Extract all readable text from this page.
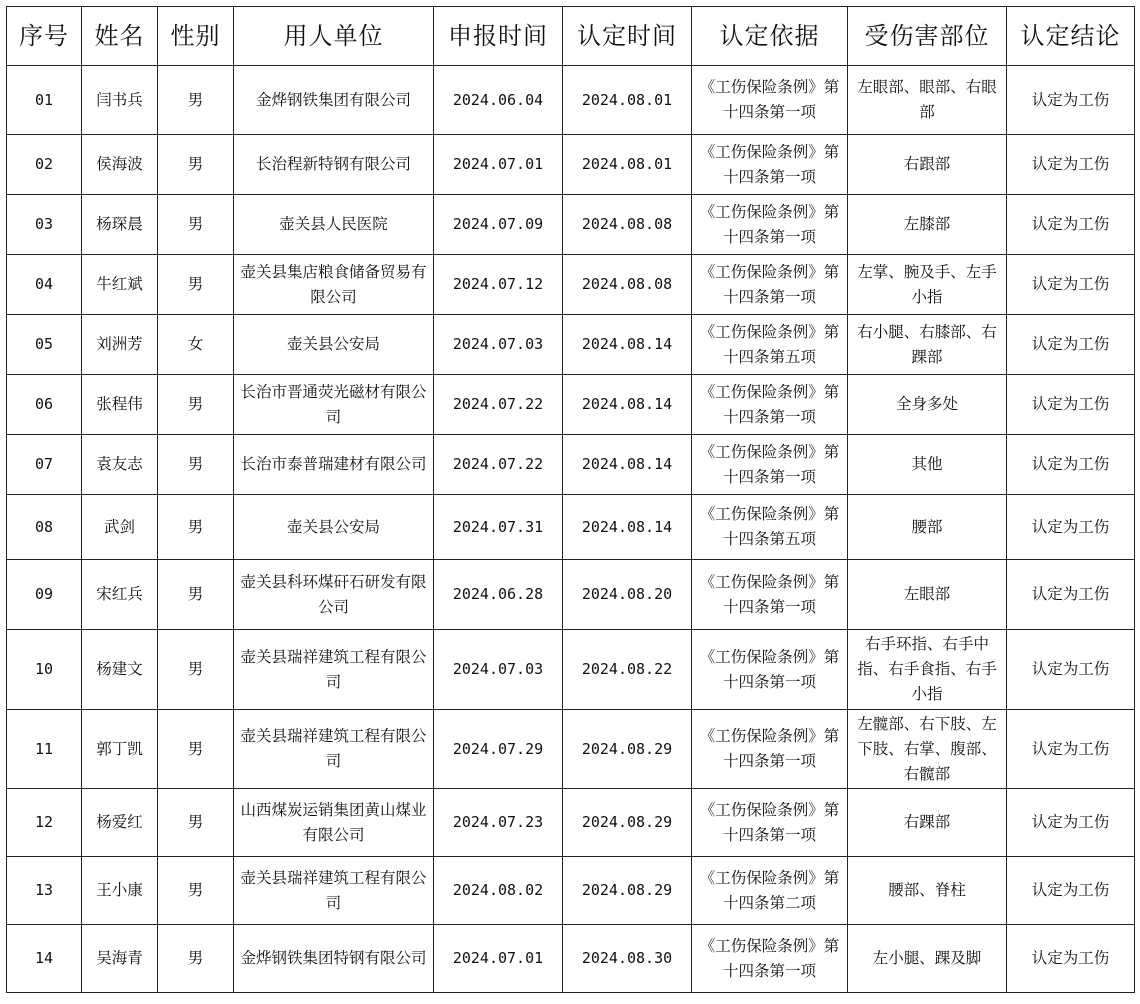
序号	姓名	性别	用人单位	申报时间	认定时间	认定依据	受伤害部位	认定结论
01	闫书兵	男	金烨钢铁集团有限公司	2024.06.04	2024.08.01	《工伤保险条例》第十四条第一项	左眼部、眼部、右眼部	认定为工伤
02	侯海波	男	长治程新特钢有限公司	2024.07.01	2024.08.01	《工伤保险条例》第十四条第一项	右跟部	认定为工伤
03	杨琛晨	男	壶关县人民医院	2024.07.09	2024.08.08	《工伤保险条例》第十四条第一项	左膝部	认定为工伤
04	牛红斌	男	壶关县集店粮食储备贸易有限公司	2024.07.12	2024.08.08	《工伤保险条例》第十四条第一项	左掌、腕及手、左手小指	认定为工伤
05	刘洲芳	女	壶关县公安局	2024.07.03	2024.08.14	《工伤保险条例》第十四条第五项	右小腿、右膝部、右踝部	认定为工伤
06	张程伟	男	长治市晋通荧光磁材有限公司	2024.07.22	2024.08.14	《工伤保险条例》第十四条第一项	全身多处	认定为工伤
07	袁友志	男	长治市泰普瑞建材有限公司	2024.07.22	2024.08.14	《工伤保险条例》第十四条第一项	其他	认定为工伤
08	武剑	男	壶关县公安局	2024.07.31	2024.08.14	《工伤保险条例》第十四条第五项	腰部	认定为工伤
09	宋红兵	男	壶关县科环煤矸石研发有限公司	2024.06.28	2024.08.20	《工伤保险条例》第十四条第一项	左眼部	认定为工伤
10	杨建文	男	壶关县瑞祥建筑工程有限公司	2024.07.03	2024.08.22	《工伤保险条例》第十四条第一项	右手环指、右手中指、右手食指、右手小指	认定为工伤
11	郭丁凯	男	壶关县瑞祥建筑工程有限公司	2024.07.29	2024.08.29	《工伤保险条例》第十四条第一项	左髋部、右下肢、左下肢、右掌、腹部、右髋部	认定为工伤
12	杨爱红	男	山西煤炭运销集团黄山煤业有限公司	2024.07.23	2024.08.29	《工伤保险条例》第十四条第一项	右踝部	认定为工伤
13	王小康	男	壶关县瑞祥建筑工程有限公司	2024.08.02	2024.08.29	《工伤保险条例》第十四条第二项	腰部、脊柱	认定为工伤
14	吴海青	男	金烨钢铁集团特钢有限公司	2024.07.01	2024.08.30	《工伤保险条例》第十四条第一项	左小腿、踝及脚	认定为工伤
